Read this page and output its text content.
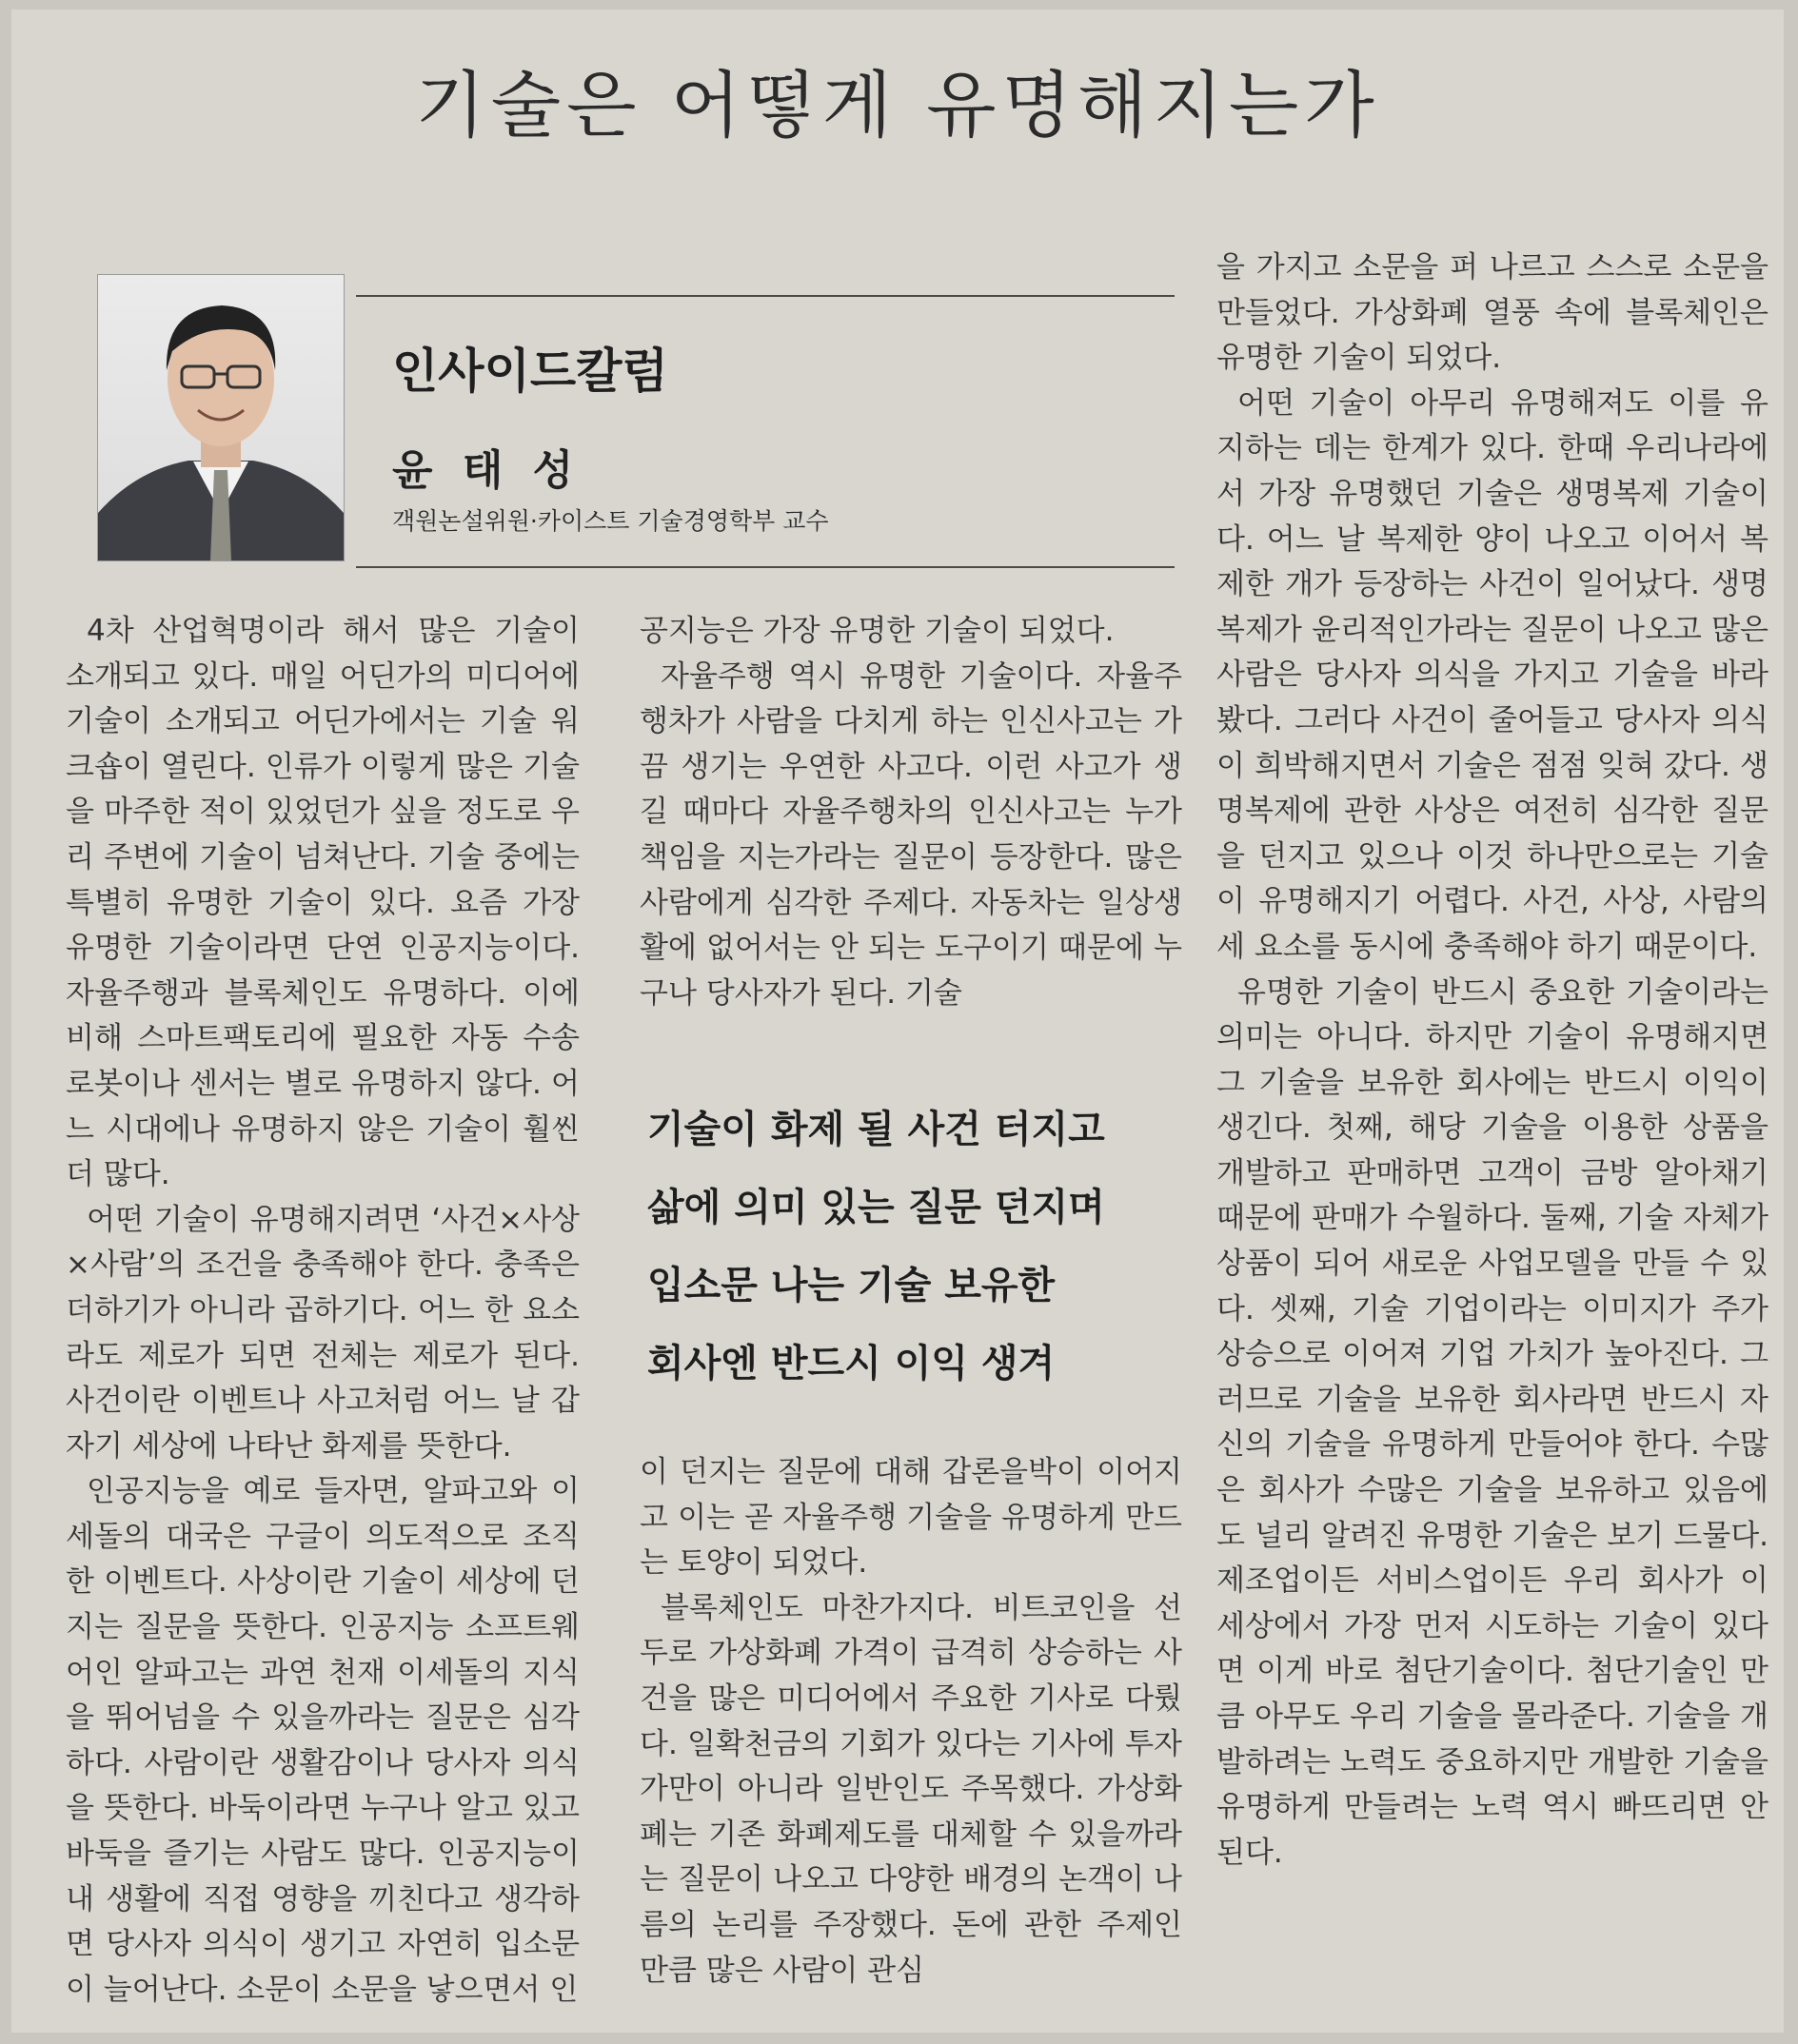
기술은 어떻게 유명해지는가
인사이드칼럼
윤 태 성
객원논설위원·카이스트 기술경영학부 교수

4차 산업혁명이라 해서 많은 기술이 소개되고 있다. 매일 어딘가의 미디어에 기술이 소개되고 어딘가에서는 기술 워크숍이 열린다. 인류가 이렇게 많은 기술을 마주한 적이 있었던가 싶을 정도로 우리 주변에 기술이 넘쳐난다. 기술 중에는 특별히 유명한 기술이 있다. 요즘 가장 유명한 기술이라면 단연 인공지능이다. 자율주행과 블록체인도 유명하다. 이에 비해 스마트팩토리에 필요한 자동 수송 로봇이나 센서는 별로 유명하지 않다. 어느 시대에나 유명하지 않은 기술이 훨씬 더 많다.

어떤 기술이 유명해지려면 ‘사건×사상×사람’의 조건을 충족해야 한다. 충족은 더하기가 아니라 곱하기다. 어느 한 요소라도 제로가 되면 전체는 제로가 된다. 사건이란 이벤트나 사고처럼 어느 날 갑자기 세상에 나타난 화제를 뜻한다.

인공지능을 예로 들자면, 알파고와 이세돌의 대국은 구글이 의도적으로 조직한 이벤트다. 사상이란 기술이 세상에 던지는 질문을 뜻한다. 인공지능 소프트웨어인 알파고는 과연 천재 이세돌의 지식을 뛰어넘을 수 있을까라는 질문은 심각하다. 사람이란 생활감이나 당사자 의식을 뜻한다. 바둑이라면 누구나 알고 있고 바둑을 즐기는 사람도 많다. 인공지능이 내 생활에 직접 영향을 끼친다고 생각하면 당사자 의식이 생기고 자연히 입소문이 늘어난다. 소문이 소문을 낳으면서 인

공지능은 가장 유명한 기술이 되었다.

자율주행 역시 유명한 기술이다. 자율주행차가 사람을 다치게 하는 인신사고는 가끔 생기는 우연한 사고다. 이런 사고가 생길 때마다 자율주행차의 인신사고는 누가 책임을 지는가라는 질문이 등장한다. 많은 사람에게 심각한 주제다. 자동차는 일상생활에 없어서는 안 되는 도구이기 때문에 누구나 당사자가 된다. 기술

기술이 화제 될 사건 터지고
삶에 의미 있는 질문 던지며
입소문 나는 기술 보유한
회사엔 반드시 이익 생겨

이 던지는 질문에 대해 갑론을박이 이어지고 이는 곧 자율주행 기술을 유명하게 만드는 토양이 되었다.

블록체인도 마찬가지다. 비트코인을 선두로 가상화폐 가격이 급격히 상승하는 사건을 많은 미디어에서 주요한 기사로 다뤘다. 일확천금의 기회가 있다는 기사에 투자가만이 아니라 일반인도 주목했다. 가상화폐는 기존 화폐제도를 대체할 수 있을까라는 질문이 나오고 다양한 배경의 논객이 나름의 논리를 주장했다. 돈에 관한 주제인 만큼 많은 사람이 관심

을 가지고 소문을 퍼 나르고 스스로 소문을 만들었다. 가상화폐 열풍 속에 블록체인은 유명한 기술이 되었다.

어떤 기술이 아무리 유명해져도 이를 유지하는 데는 한계가 있다. 한때 우리나라에서 가장 유명했던 기술은 생명복제 기술이다. 어느 날 복제한 양이 나오고 이어서 복제한 개가 등장하는 사건이 일어났다. 생명복제가 윤리적인가라는 질문이 나오고 많은 사람은 당사자 의식을 가지고 기술을 바라봤다. 그러다 사건이 줄어들고 당사자 의식이 희박해지면서 기술은 점점 잊혀 갔다. 생명복제에 관한 사상은 여전히 심각한 질문을 던지고 있으나 이것 하나만으로는 기술이 유명해지기 어렵다. 사건, 사상, 사람의 세 요소를 동시에 충족해야 하기 때문이다.

유명한 기술이 반드시 중요한 기술이라는 의미는 아니다. 하지만 기술이 유명해지면 그 기술을 보유한 회사에는 반드시 이익이 생긴다. 첫째, 해당 기술을 이용한 상품을 개발하고 판매하면 고객이 금방 알아채기 때문에 판매가 수월하다. 둘째, 기술 자체가 상품이 되어 새로운 사업모델을 만들 수 있다. 셋째, 기술 기업이라는 이미지가 주가 상승으로 이어져 기업 가치가 높아진다. 그러므로 기술을 보유한 회사라면 반드시 자신의 기술을 유명하게 만들어야 한다. 수많은 회사가 수많은 기술을 보유하고 있음에도 널리 알려진 유명한 기술은 보기 드물다. 제조업이든 서비스업이든 우리 회사가 이 세상에서 가장 먼저 시도하는 기술이 있다면 이게 바로 첨단기술이다. 첨단기술인 만큼 아무도 우리 기술을 몰라준다. 기술을 개발하려는 노력도 중요하지만 개발한 기술을 유명하게 만들려는 노력 역시 빠뜨리면 안 된다.
